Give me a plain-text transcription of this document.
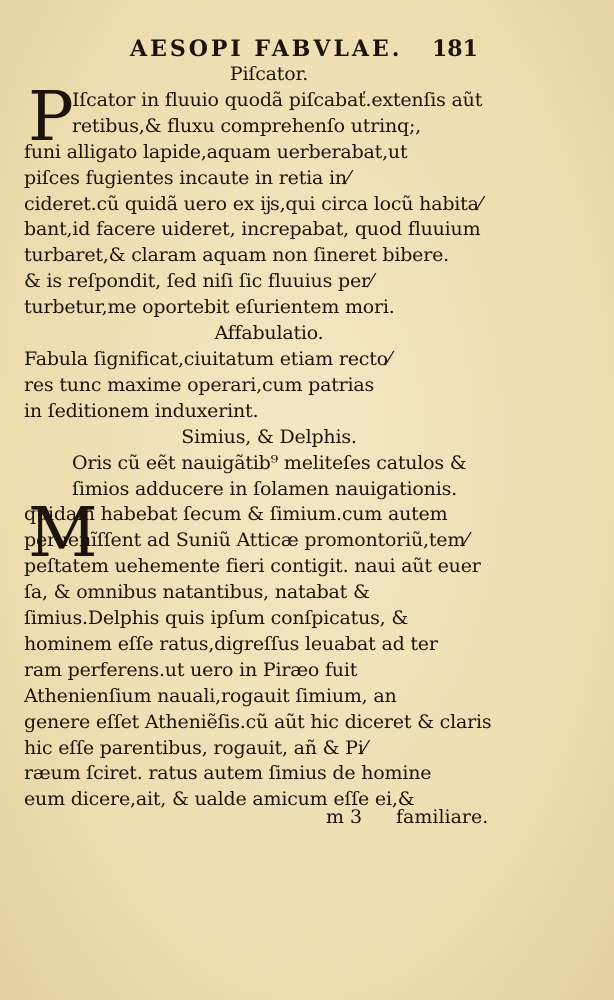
AESOPI FABVLAE. 181
P
M
Piſcator.
Iſcator in fluuio quodã piſcabať.extenſis aũt
retibus,& fluxu comprehenſo utrinq;,
funi alligato lapide,aquam uerberabat,ut
piſces fugientes incaute in retia in⁄
cideret.cũ quidã uero ex ĳs,qui circa locũ habita⁄
bant,id facere uideret, increpabat, quod fluuium
turbaret,& claram aquam non ſineret bibere.
& is reſpondit, ſed niſi ſic fluuius per⁄
turbetur,me oportebit eſurientem mori.
Affabulatio.
Fabula ſignificat,ciuitatum etiam recto⁄
res tunc maxime operari,cum patrias
in ſeditionem induxerint.
Simius, & Delphis.
Oris cũ eẽt nauigãtib⁹ meliteſes catulos &
ſimios adducere in ſolamen nauigationis.
quidam habebat ſecum & ſimium.cum autem
peruenĩſſent ad Suniũ Atticæ promontoriũ,tem⁄
peſtatem uehemente fieri contigit. naui aũt euer
ſa, & omnibus natantibus, natabat &
ſimius.Delphis quis ipſum conſpicatus, &
hominem eſſe ratus,digreſſus leuabat ad ter
ram perferens.ut uero in Piræo fuit
Athenienſium nauali,rogauit ſimium, an
genere eſſet Atheniẽſis.cũ aũt hic diceret & claris
hic eſſe parentibus, rogauit, añ & Pi⁄
ræum ſciret. ratus autem ſimius de homine
eum dicere,ait, & ualde amicum eſſe ei,&
m 3 familiare.
